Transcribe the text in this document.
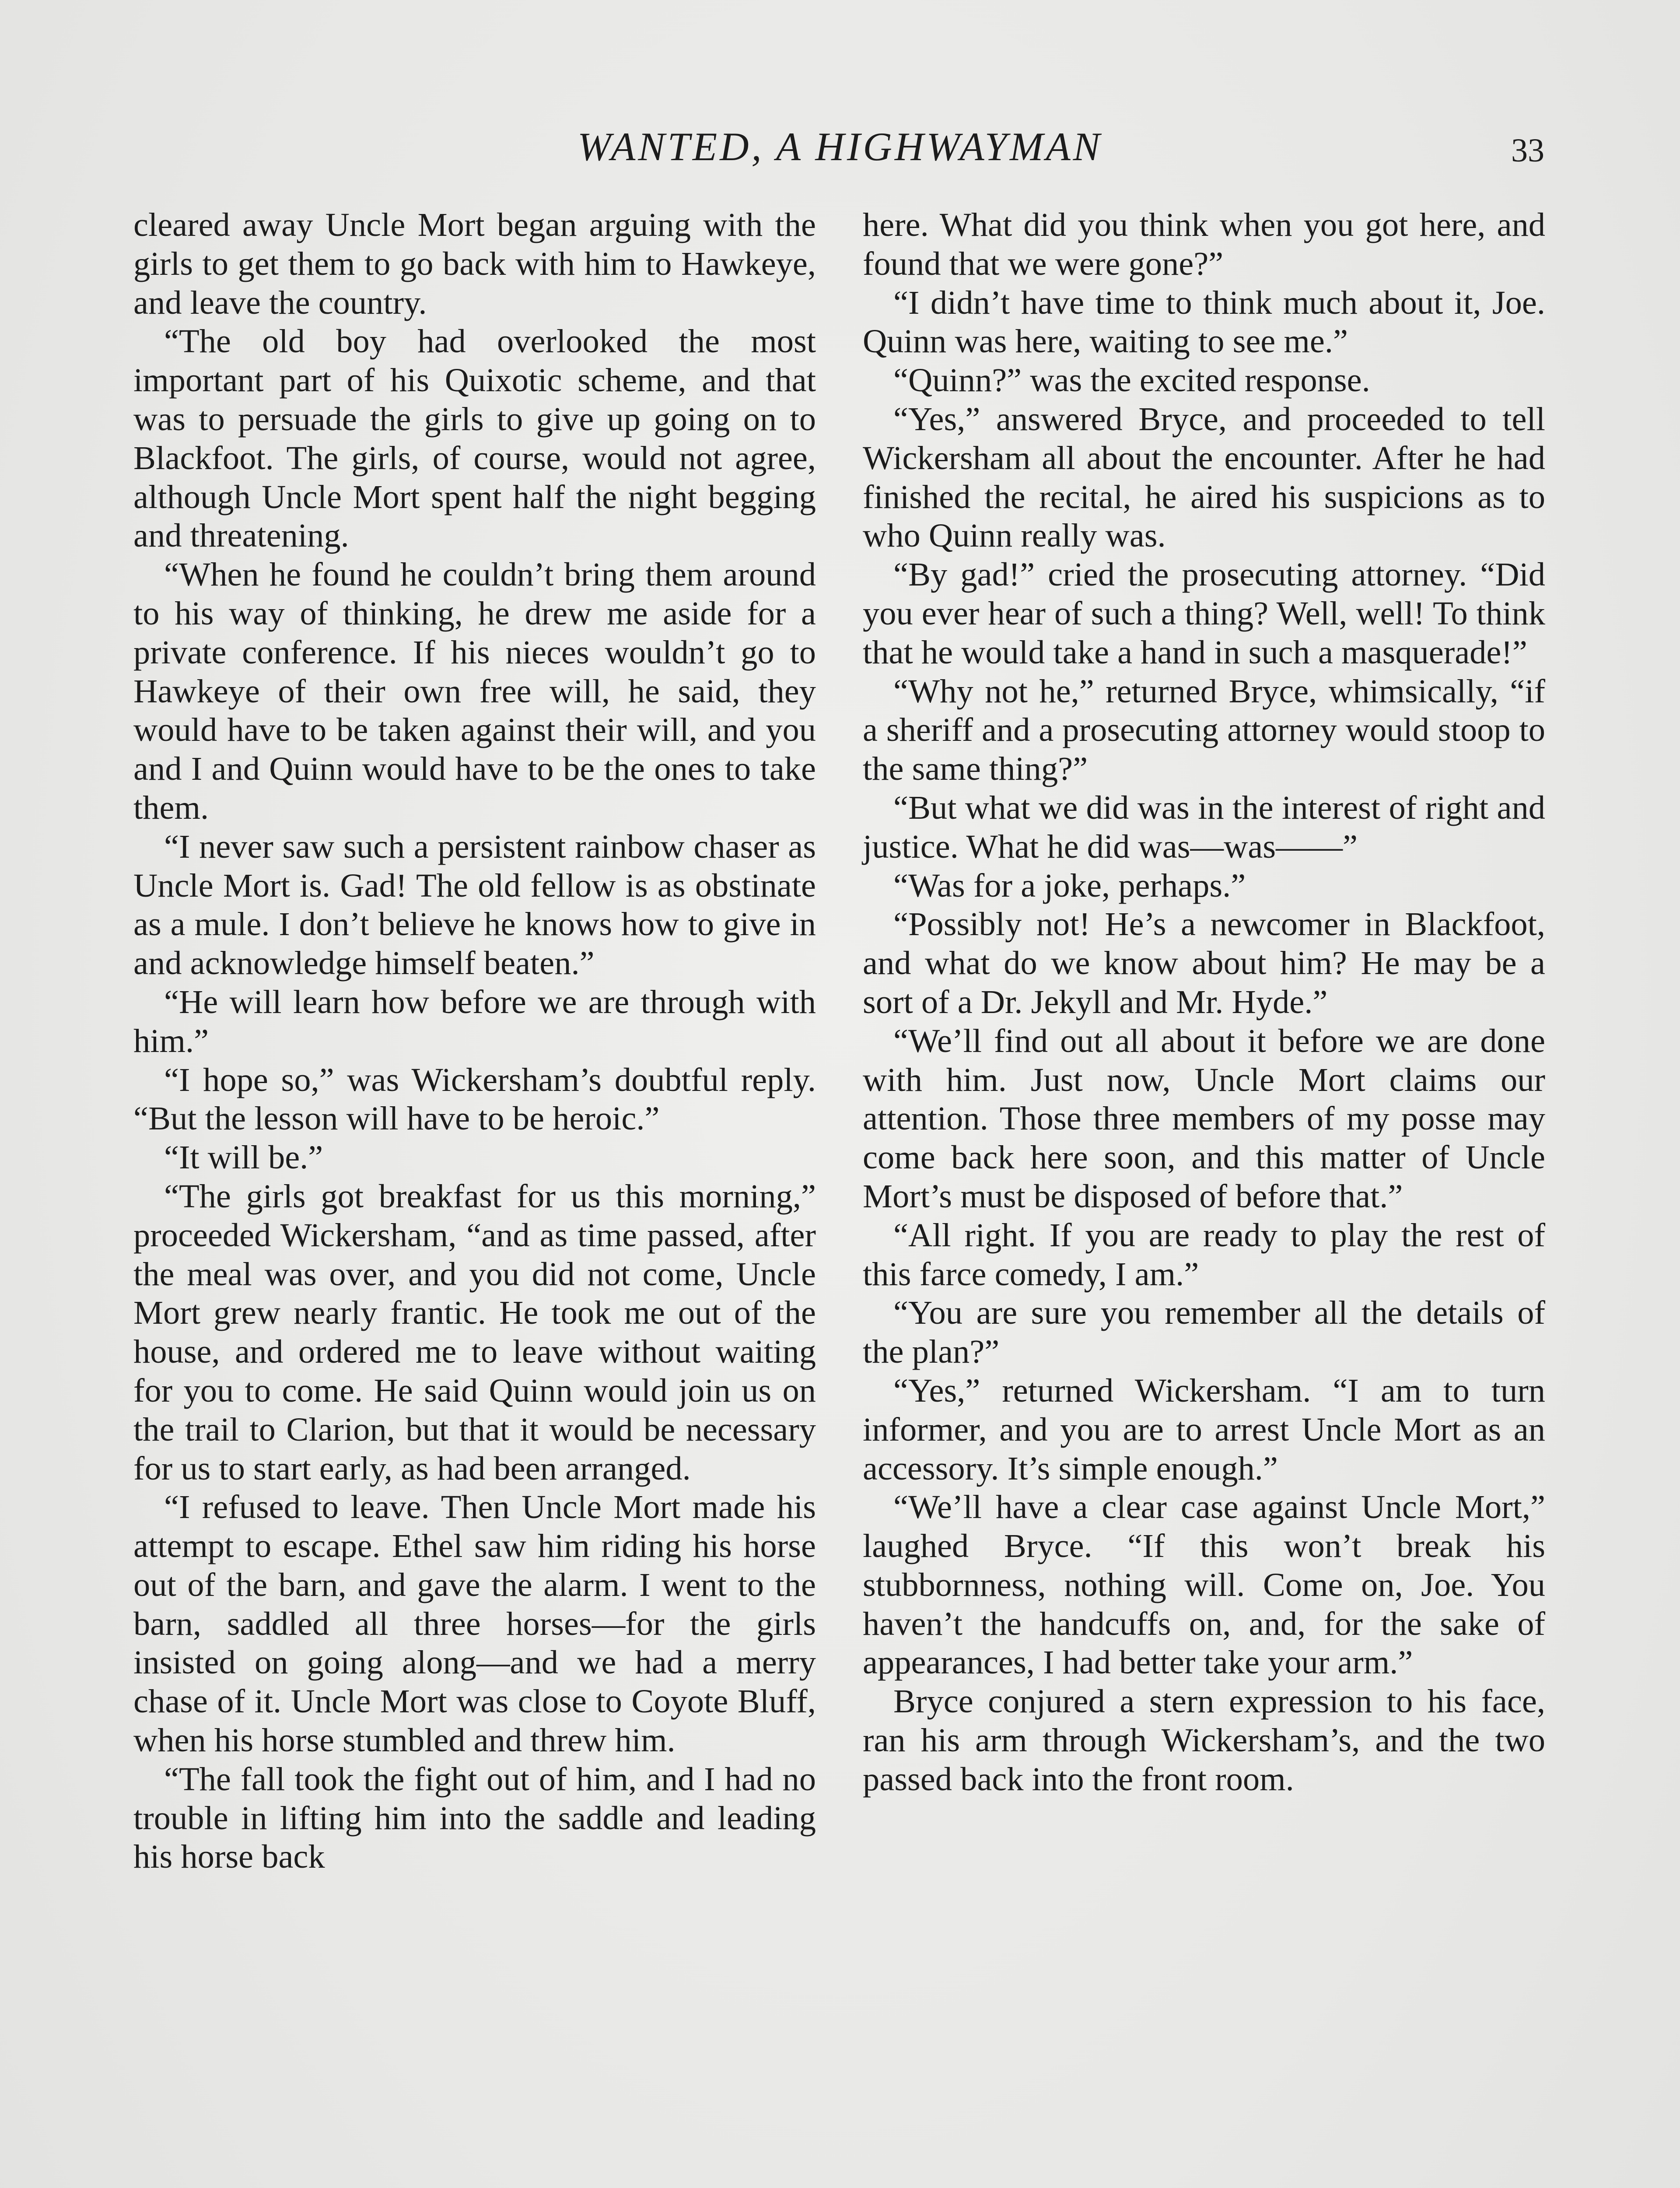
WANTED, A HIGHWAYMAN	33

cleared away Uncle Mort began arguing with the girls to get them to go back with him to Hawkeye, and leave the country.

“The old boy had overlooked the most important part of his Quixotic scheme, and that was to persuade the girls to give up going on to Blackfoot. The girls, of course, would not agree, although Uncle Mort spent half the night begging and threatening.

“When he found he couldn’t bring them around to his way of thinking, he drew me aside for a private conference. If his nieces wouldn’t go to Hawkeye of their own free will, he said, they would have to be taken against their will, and you and I and Quinn would have to be the ones to take them.

“I never saw such a persistent rainbow chaser as Uncle Mort is. Gad! The old fellow is as obstinate as a mule. I don’t believe he knows how to give in and acknowledge himself beaten.”

“He will learn how before we are through with him.”

“I hope so,” was Wickersham’s doubtful reply. “But the lesson will have to be heroic.”

“It will be.”

“The girls got breakfast for us this morning,” proceeded Wickersham, “and as time passed, after the meal was over, and you did not come, Uncle Mort grew nearly frantic. He took me out of the house, and ordered me to leave without waiting for you to come. He said Quinn would join us on the trail to Clarion, but that it would be necessary for us to start early, as had been arranged.

“I refused to leave. Then Uncle Mort made his attempt to escape. Ethel saw him riding his horse out of the barn, and gave the alarm. I went to the barn, saddled all three horses—for the girls insisted on going along—and we had a merry chase of it. Uncle Mort was close to Coyote Bluff, when his horse stumbled and threw him.

“The fall took the fight out of him, and I had no trouble in lifting him into the saddle and leading his horse back

here. What did you think when you got here, and found that we were gone?”

“I didn’t have time to think much about it, Joe. Quinn was here, waiting to see me.”

“Quinn?” was the excited response.

“Yes,” answered Bryce, and proceeded to tell Wickersham all about the encounter. After he had finished the recital, he aired his suspicions as to who Quinn really was.

“By gad!” cried the prosecuting attorney. “Did you ever hear of such a thing? Well, well! To think that he would take a hand in such a masquerade!”

“Why not he,” returned Bryce, whimsically, “if a sheriff and a prosecuting attorney would stoop to the same thing?”

“But what we did was in the interest of right and justice. What he did was—was——”

“Was for a joke, perhaps.”

“Possibly not! He’s a newcomer in Blackfoot, and what do we know about him? He may be a sort of a Dr. Jekyll and Mr. Hyde.”

“We’ll find out all about it before we are done with him. Just now, Uncle Mort claims our attention. Those three members of my posse may come back here soon, and this matter of Uncle Mort’s must be disposed of before that.”

“All right. If you are ready to play the rest of this farce comedy, I am.”

“You are sure you remember all the details of the plan?”

“Yes,” returned Wickersham. “I am to turn informer, and you are to arrest Uncle Mort as an accessory. It’s simple enough.”

“We’ll have a clear case against Uncle Mort,” laughed Bryce. “If this won’t break his stubbornness, nothing will. Come on, Joe. You haven’t the handcuffs on, and, for the sake of appearances, I had better take your arm.”

Bryce conjured a stern expression to his face, ran his arm through Wickersham’s, and the two passed back into the front room.
